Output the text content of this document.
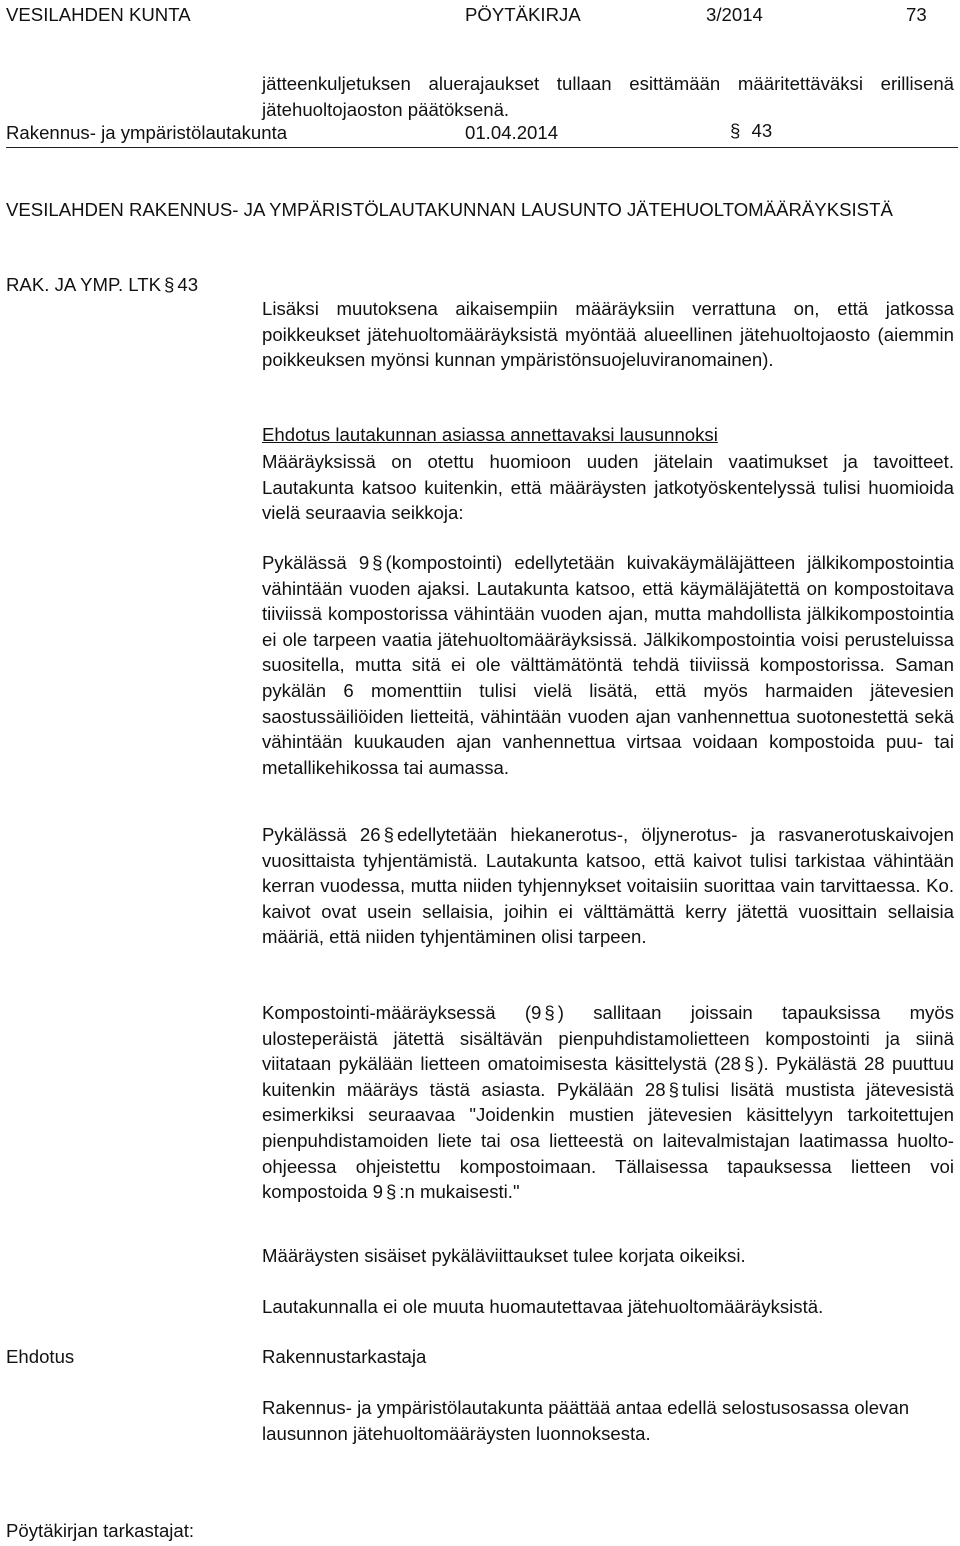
VESILAHDEN KUNTA	PÖYTÄKIRJA	3/2014	73
jätteenkuljetuksen aluerajaukset tullaan esittämään määritettäväksi erillisenä jätehuoltojaoston päätöksenä.
Rakennus- ja ympäristölautakunta	01.04.2014	§ 43
VESILAHDEN RAKENNUS- JA YMPÄRISTÖLAUTAKUNNAN LAUSUNTO JÄTEHUOLTOMÄÄRÄYKSISTÄ
RAK. JA YMP. LTK § 43
Lisäksi muutoksena aikaisempiin määräyksiin verrattuna on, että jatkossa poikkeukset jätehuoltomääräyksistä myöntää alueellinen jätehuoltojaosto (aiemmin poikkeuksen myönsi kunnan ympäristönsuojeluviranomainen).
Ehdotus lautakunnan asiassa annettavaksi lausunnoksi
Määräyksissä on otettu huomioon uuden jätelain vaatimukset ja tavoitteet. Lautakunta katsoo kuitenkin, että määräysten jatkotyöskentelyssä tulisi huomioida vielä seuraavia seikkoja:
Pykälässä 9 § (kompostointi) edellytetään kuivakäymäläjätteen jälkikompostointia vähintään vuoden ajaksi. Lautakunta katsoo, että käymäläjätettä on kompostoitava tiiviissä kompostorissa vähintään vuoden ajan, mutta mahdollista jälkikompostointia ei ole tarpeen vaatia jätehuoltomääräyksissä. Jälkikompostointia voisi perusteluissa suositella, mutta sitä ei ole välttämätöntä tehdä tiiviissä kompostorissa. Saman pykälän 6 momenttiin tulisi vielä lisätä, että myös harmaiden jätevesien saostussäiliöiden lietteitä, vähintään vuoden ajan vanhennettua suotonestettä sekä vähintään kuukauden ajan vanhennettua virtsaa voidaan kompostoida puu- tai metallikehikossa tai aumassa.
Pykälässä 26 § edellytetään hiekanerotus-, öljynerotus- ja rasvanerotuskaivojen vuosittaista tyhjentämistä. Lautakunta katsoo, että kaivot tulisi tarkistaa vähintään kerran vuodessa, mutta niiden tyhjennykset voitaisiin suorittaa vain tarvittaessa. Ko. kaivot ovat usein sellaisia, joihin ei välttämättä kerry jätettä vuosittain sellaisia määriä, että niiden tyhjentäminen olisi tarpeen.
Kompostointi-määräyksessä (9 § ) sallitaan joissain tapauksissa myös ulosteperäistä jätettä sisältävän pienpuhdistamolietteen kompostointi ja siinä viitataan pykälään lietteen omatoimisesta käsittelystä (28 § ). Pykälästä 28 puuttuu kuitenkin määräys tästä asiasta. Pykälään 28 § tulisi lisätä mustista jätevesistä esimerkiksi seuraavaa "Joidenkin mustien jätevesien käsittelyyn tarkoitettujen pienpuhdistamoiden liete tai osa lietteestä on laitevalmistajan laatimassa huolto-ohjeessa ohjeistettu kompostoimaan. Tällaisessa tapauksessa lietteen voi kompostoida 9 § :n mukaisesti."
Määräysten sisäiset pykäläviittaukset tulee korjata oikeiksi.
Lautakunnalla ei ole muuta huomautettavaa jätehuoltomääräyksistä.
Ehdotus	Rakennustarkastaja
Rakennus- ja ympäristölautakunta päättää antaa edellä selostusosassa olevan lausunnon jätehuoltomääräysten luonnoksesta.
Pöytäkirjan tarkastajat:
